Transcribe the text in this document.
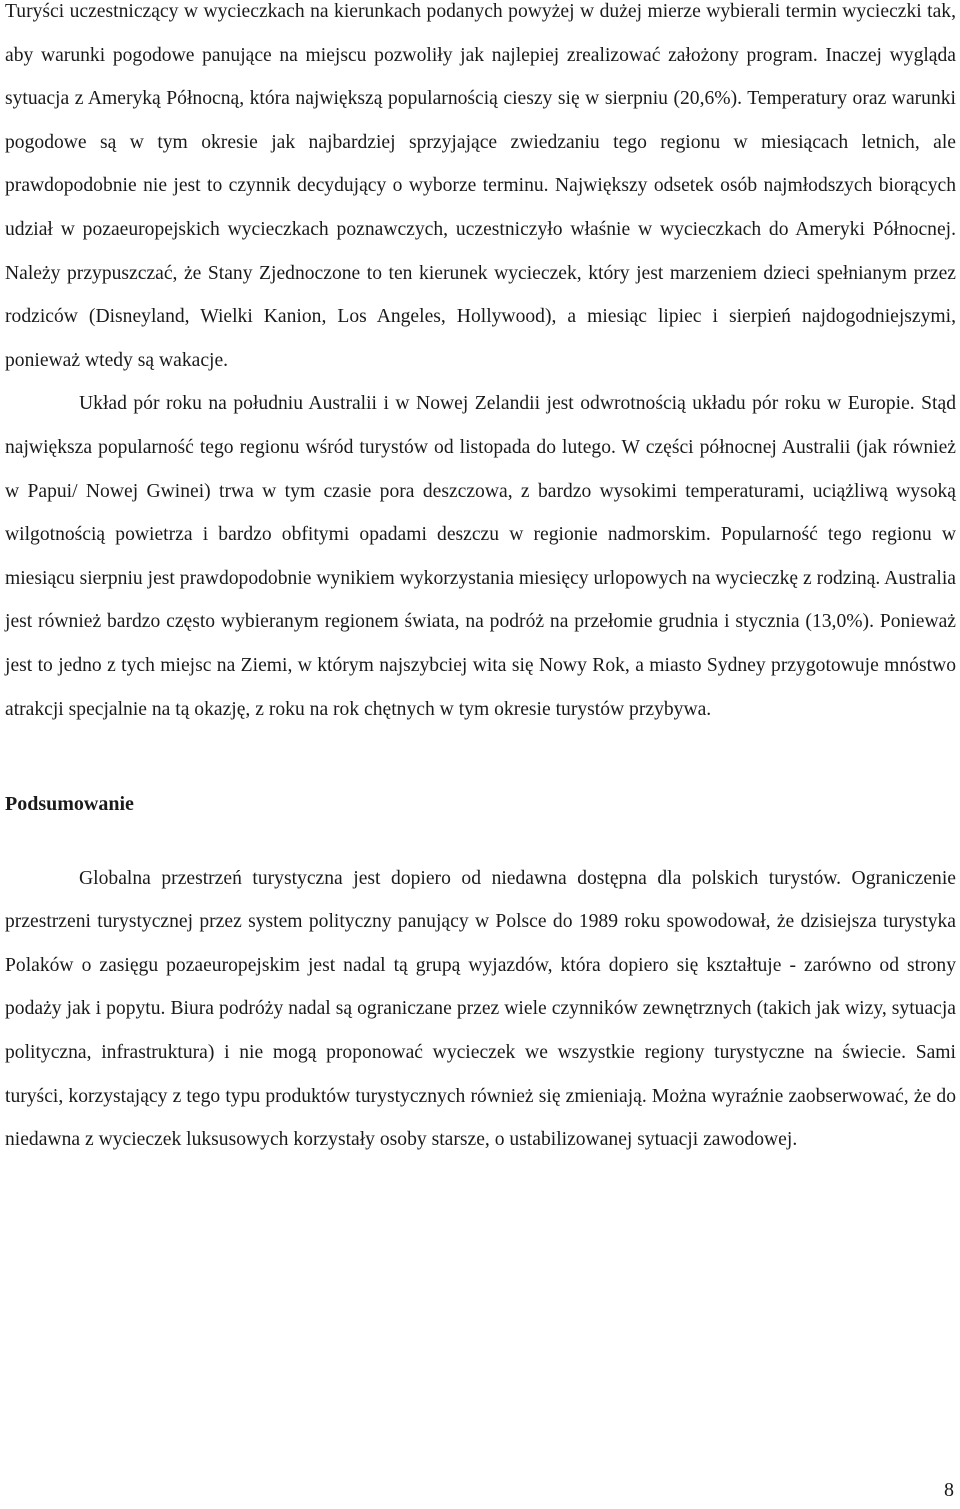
Turyści uczestniczący w wycieczkach na kierunkach podanych powyżej w dużej mierze wybierali termin wycieczki tak, aby warunki pogodowe panujące na miejscu pozwoliły jak najlepiej zrealizować założony program. Inaczej wygląda sytuacja z Ameryką Północną, która największą popularnością cieszy się w sierpniu (20,6%). Temperatury oraz warunki pogodowe są w tym okresie jak najbardziej sprzyjające zwiedzaniu tego regionu w miesiącach letnich, ale prawdopodobnie nie jest to czynnik decydujący o wyborze terminu. Największy odsetek osób najmłodszych biorących udział w pozaeuropejskich wycieczkach poznawczych, uczestniczyło właśnie w wycieczkach do Ameryki Północnej. Należy przypuszczać, że Stany Zjednoczone to ten kierunek wycieczek, który jest marzeniem dzieci spełnianym przez rodziców (Disneyland, Wielki Kanion, Los Angeles, Hollywood), a miesiąc lipiec i sierpień najdogodniejszymi, ponieważ wtedy są wakacje.

Układ pór roku na południu Australii i w Nowej Zelandii jest odwrotnością układu pór roku w Europie. Stąd największa popularność tego regionu wśród turystów od listopada do lutego. W części północnej Australii (jak również w Papui/ Nowej Gwinei) trwa w tym czasie pora deszczowa, z bardzo wysokimi temperaturami, uciążliwą wysoką wilgotnością powietrza i bardzo obfitymi opadami deszczu w regionie nadmorskim. Popularność tego regionu w miesiącu sierpniu jest prawdopodobnie wynikiem wykorzystania miesięcy urlopowych na wycieczkę z rodziną. Australia jest również bardzo często wybieranym regionem świata, na podróż na przełomie grudnia i stycznia (13,0%). Ponieważ jest to jedno z tych miejsc na Ziemi, w którym najszybciej wita się Nowy Rok, a miasto Sydney przygotowuje mnóstwo atrakcji specjalnie na tą okazję, z roku na rok chętnych w tym okresie turystów przybywa.

Podsumowanie

Globalna przestrzeń turystyczna jest dopiero od niedawna dostępna dla polskich turystów. Ograniczenie przestrzeni turystycznej przez system polityczny panujący w Polsce do 1989 roku spowodował, że dzisiejsza turystyka Polaków o zasięgu pozaeuropejskim jest nadal tą grupą wyjazdów, która dopiero się kształtuje - zarówno od strony podaży jak i popytu. Biura podróży nadal są ograniczane przez wiele czynników zewnętrznych (takich jak wizy, sytuacja polityczna, infrastruktura) i nie mogą proponować wycieczek we wszystkie regiony turystyczne na świecie. Sami turyści, korzystający z tego typu produktów turystycznych również się zmieniają. Można wyraźnie zaobserwować, że do niedawna z wycieczek luksusowych korzystały osoby starsze, o ustabilizowanej sytuacji zawodowej.

8
